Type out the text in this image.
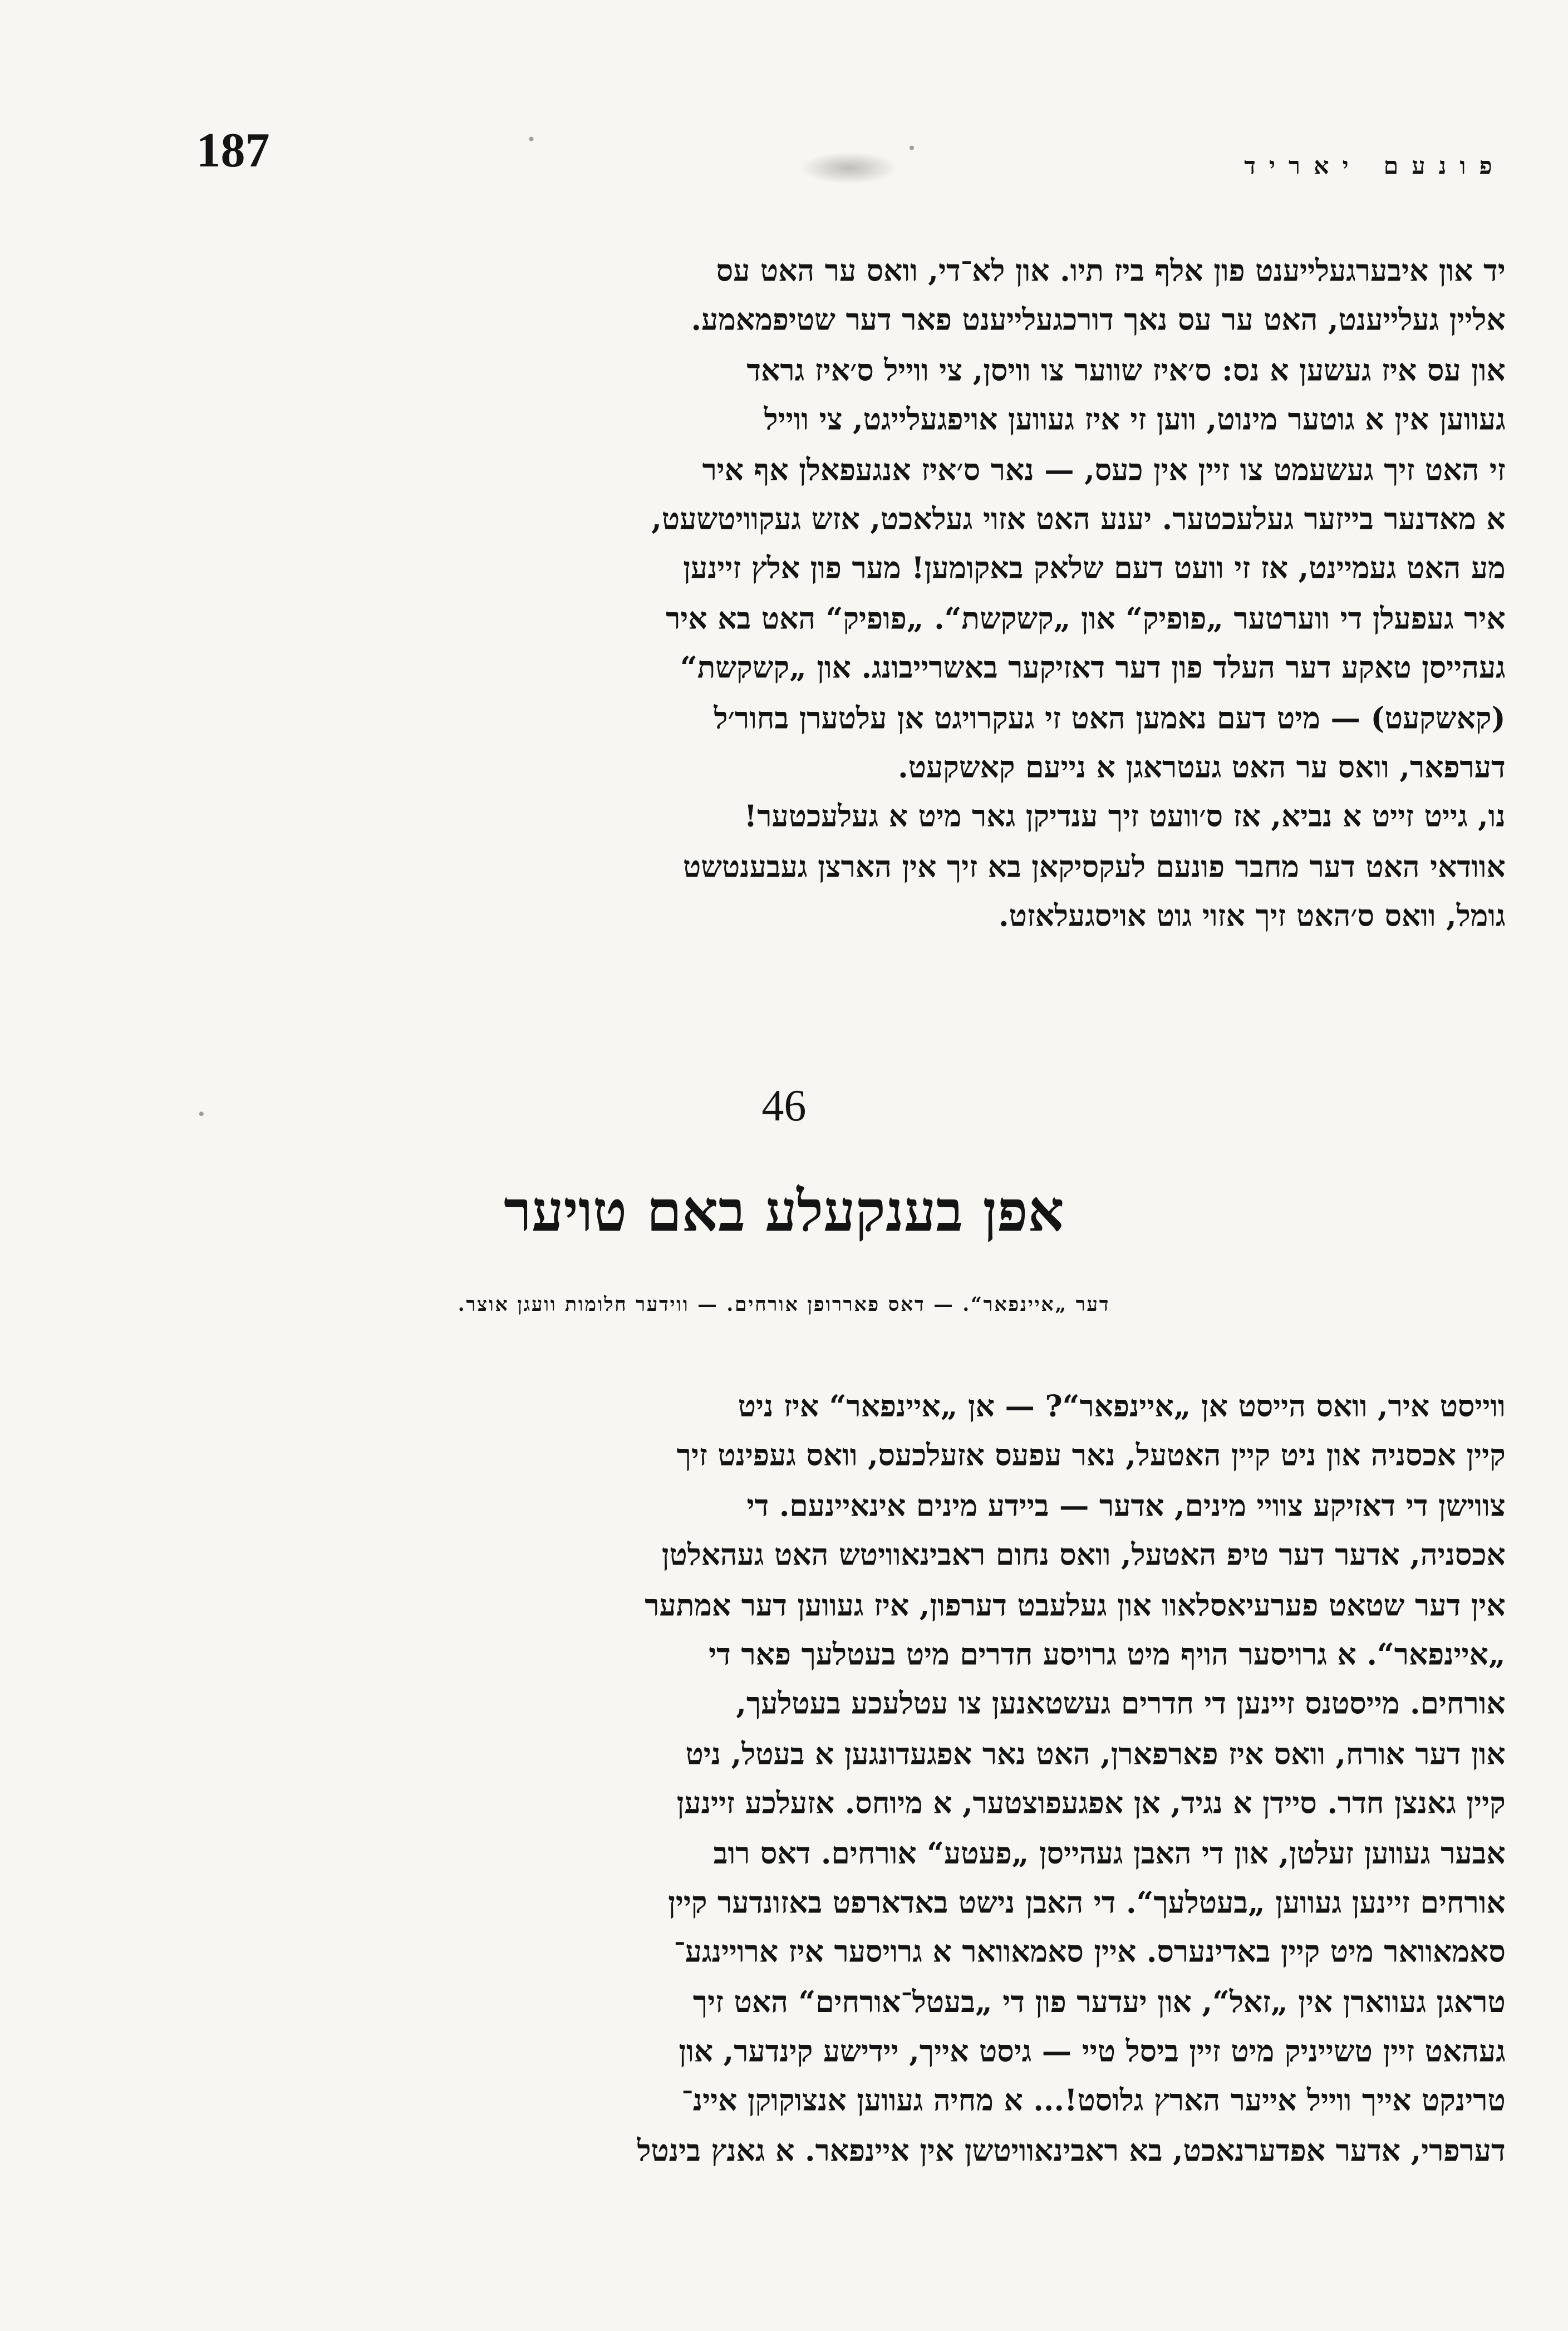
187	פונעם יאריד

יד און איבערגעלייענט פון אלף ביז תיו. און לא־די, וואס ער האט עס
אליין געלייענט, האט ער עס נאך דורכגעלייענט פאר דער שטיפמאמע.
און עס איז געשען א נס: ס׳איז שווער צו וויסן, צי ווייל ס׳איז גראד
געווען אין א גוטער מינוט, ווען זי איז געווען אויפגעלייגט, צי ווייל
זי האט זיך געשעמט צו זיין אין כעס, — נאר ס׳איז אנגעפאלן אף איר
א מאדנער בייזער געלעכטער. יענע האט אזוי געלאכט, אזש געקוויטשעט,
מע האט געמיינט, אז זי וועט דעם שלאק באקומען! מער פון אלץ זיינען
איר געפעלן די ווערטער „פופיק“ און „קשקשת“. „פופיק“ האט בא איר
געהייסן טאקע דער העלד פון דער דאזיקער באשרייבונג. און „קשקשת“
(קאשקעט) — מיט דעם נאמען האט זי געקרויגט אן עלטערן בחור׳ל
דערפאר, וואס ער האט געטראגן א נייעם קאשקעט.
נו, גייט זייט א נביא, אז ס׳וועט זיך ענדיקן גאר מיט א געלעכטער!
אוודאי האט דער מחבר פונעם לעקסיקאן בא זיך אין הארצן געבענטשט
גומל, וואס ס׳האט זיך אזוי גוט אויסגעלאזט.

46
אפן בענקעלע באם טויער
דער „איינפאר“. — דאס פאררופן אורחים. — ווידער חלומות וועגן אוצר.

ווייסט איר, וואס הייסט אן „איינפאר“? — אן „איינפאר“ איז ניט
קיין אכסניה און ניט קיין האטעל, נאר עפעס אזעלכעס, וואס געפינט זיך
צווישן די דאזיקע צוויי מינים, אדער — ביידע מינים אינאיינעם. די
אכסניה, אדער דער טיפ האטעל, וואס נחום ראבינאוויטש האט געהאלטן
אין דער שטאט פערעיאסלאוו און געלעבט דערפון, איז געווען דער אמתער
„איינפאר“. א גרויסער הויף מיט גרויסע חדרים מיט בעטלעך פאר די
אורחים. מייסטנס זיינען די חדרים געשטאנען צו עטלעכע בעטלעך,
און דער אורח, וואס איז פארפארן, האט נאר אפגעדונגען א בעטל, ניט
קיין גאנצן חדר. סיידן א נגיד, אן אפגעפוצטער, א מיוחס. אזעלכע זיינען
אבער געווען זעלטן, און די האבן געהייסן „פעטע“ אורחים. דאס רוב
אורחים זיינען געווען „בעטלעך“. די האבן נישט באדארפט באזונדער קיין
סאמאוואר מיט קיין באדינערס. איין סאמאוואר א גרויסער איז ארויינגע־
טראגן געווארן אין „זאל“, און יעדער פון די „בעטל־אורחים“ האט זיך
געהאט זיין טשייניק מיט זיין ביסל טיי — גיסט אייך, יידישע קינדער, און
טרינקט אייך ווייל אייער הארץ גלוסט!... א מחיה געווען אנצוקוקן איינ־
דערפרי, אדער אפדערנאכט, בא ראבינאוויטשן אין איינפאר. א גאנץ בינטל
